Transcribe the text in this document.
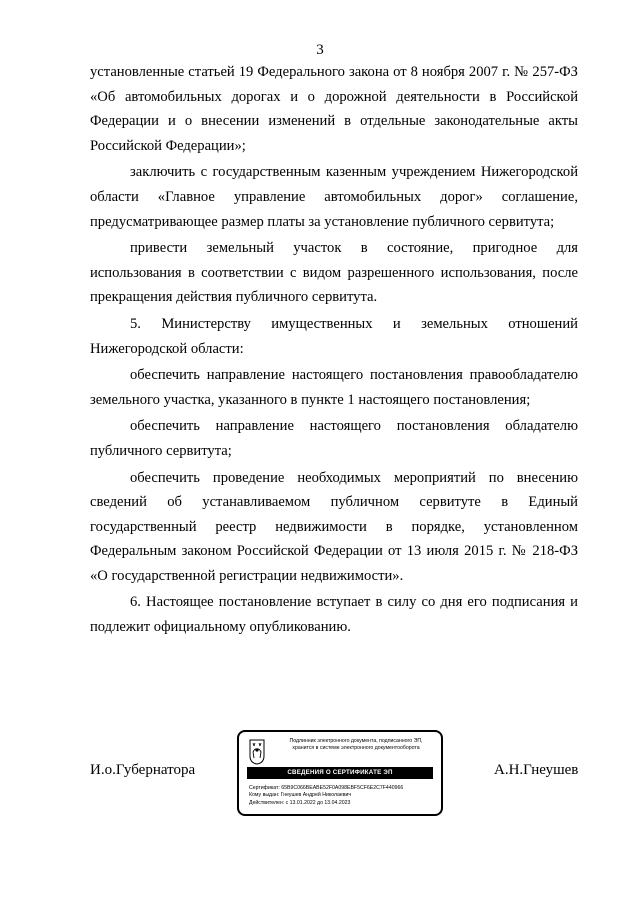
3

установленные статьей 19 Федерального закона от 8 ноября 2007 г. № 257-ФЗ «Об автомобильных дорогах и о дорожной деятельности в Российской Федерации и о внесении изменений в отдельные законодательные акты Российской Федерации»;

заключить с государственным казенным учреждением Нижегородской области «Главное управление автомобильных дорог» соглашение, предусматривающее размер платы за установление публичного сервитута;

привести земельный участок в состояние, пригодное для использования в соответствии с видом разрешенного использования, после прекращения действия публичного сервитута.

5. Министерству имущественных и земельных отношений Нижегородской области:

обеспечить направление настоящего постановления правообладателю земельного участка, указанного в пункте 1 настоящего постановления;

обеспечить направление настоящего постановления обладателю публичного сервитута;

обеспечить проведение необходимых мероприятий по внесению сведений об устанавливаемом публичном сервитуте в Единый государственный реестр недвижимости в порядке, установленном Федеральным законом Российской Федерации от 13 июля 2015 г. № 218-ФЗ «О государственной регистрации недвижимости».

6. Настоящее постановление вступает в силу со дня его подписания и подлежит официальному опубликованию.

И.о.Губернатора	А.Н.Гнеушев
Подлинник электронного документа, подписанного ЭП,
хранится в системе электронного документооборота
СВЕДЕНИЯ О СЕРТИФИКАТЕ ЭП
Сертификат: 65B9C066BEABE52F0A098EBF5CF6E2C7F440966
Кому выдан: Гнеушев Андрей Николаевич
Действителен: с 13.01.2022 до 13.04.2023
